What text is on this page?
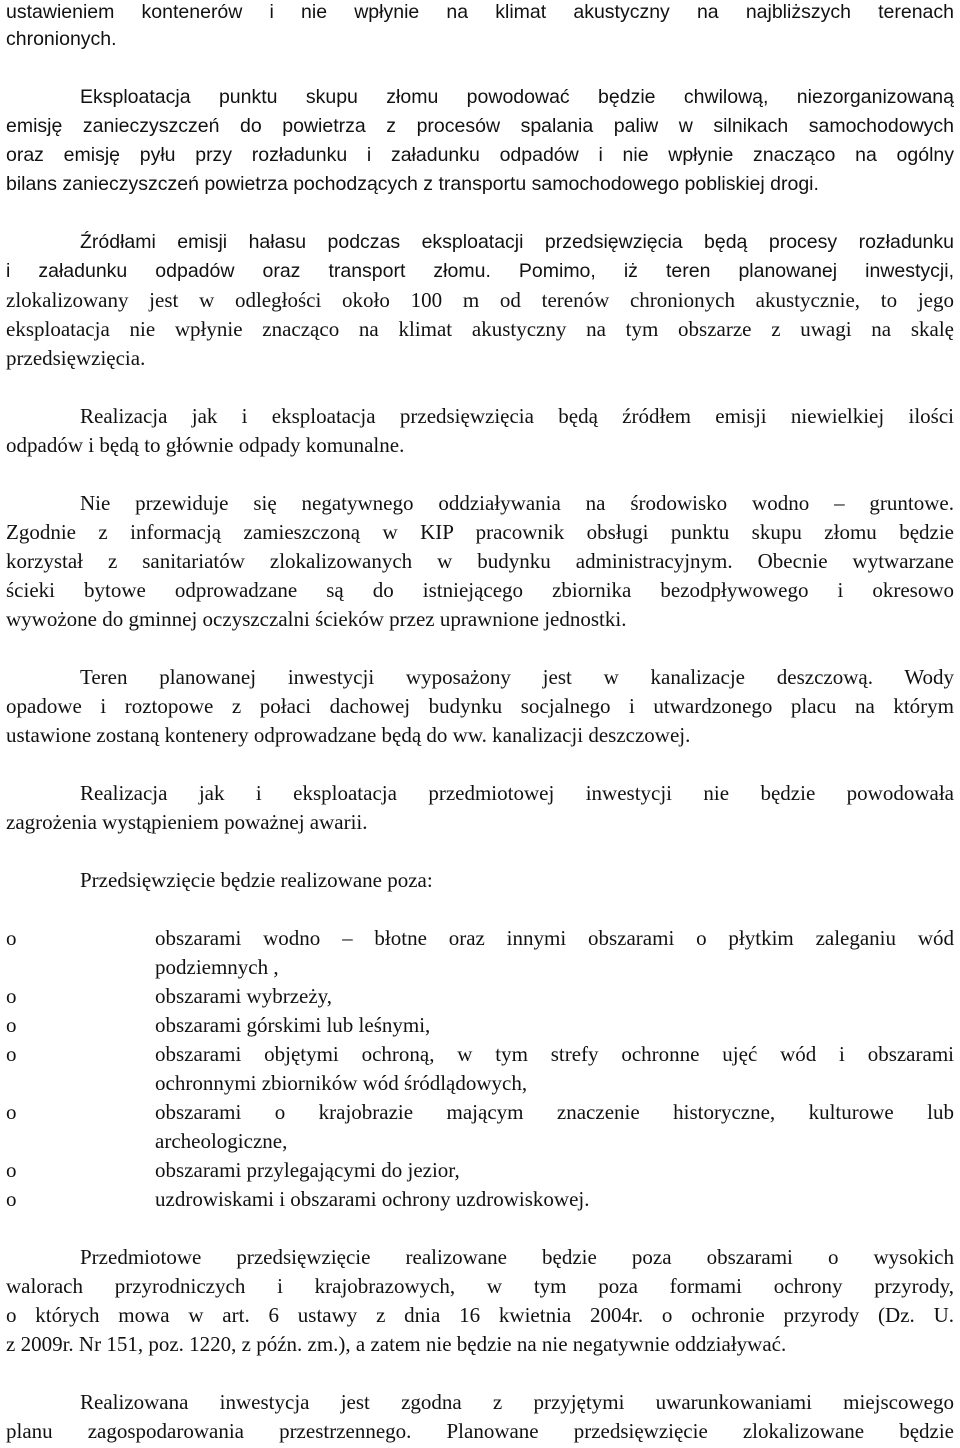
ustawieniem kontenerów i nie wpłynie na klimat akustyczny na najbliższych terenach
chronionych.
Eksploatacja punktu skupu złomu powodować będzie chwilową, niezorganizowaną
emisję zanieczyszczeń do powietrza z procesów spalania paliw w silnikach samochodowych
oraz emisję pyłu przy rozładunku i załadunku odpadów i nie wpłynie znacząco na ogólny
bilans zanieczyszczeń powietrza pochodzących z transportu samochodowego pobliskiej drogi.
Źródłami emisji hałasu podczas eksploatacji przedsięwzięcia będą procesy rozładunku
i załadunku odpadów oraz transport złomu. Pomimo, iż teren planowanej inwestycji,
zlokalizowany jest w odległości około 100 m od terenów chronionych akustycznie, to jego
eksploatacja nie wpłynie znacząco na klimat akustyczny na tym obszarze z uwagi na skalę
przedsięwzięcia.
Realizacja jak i eksploatacja przedsięwzięcia będą źródłem emisji niewielkiej ilości
odpadów i będą to głównie odpady komunalne.
Nie przewiduje się negatywnego oddziaływania na środowisko wodno – gruntowe.
Zgodnie z informacją zamieszczoną w KIP pracownik obsługi punktu skupu złomu będzie
korzystał z sanitariatów zlokalizowanych w budynku administracyjnym. Obecnie wytwarzane
ścieki bytowe odprowadzane są do istniejącego zbiornika bezodpływowego i okresowo
wywożone do gminnej oczyszczalni ścieków przez uprawnione jednostki.
Teren planowanej inwestycji wyposażony jest w kanalizacje deszczową. Wody
opadowe i roztopowe z połaci dachowej budynku socjalnego i utwardzonego placu na którym
ustawione zostaną kontenery odprowadzane będą do ww. kanalizacji deszczowej.
Realizacja jak i eksploatacja przedmiotowej inwestycji nie będzie powodowała
zagrożenia wystąpieniem poważnej awarii.
Przedsięwzięcie będzie realizowane poza:
o	obszarami wodno – błotne oraz innymi obszarami o płytkim zaleganiu wód
podziemnych ,
o	obszarami wybrzeży,
o	obszarami górskimi lub leśnymi,
o	obszarami objętymi ochroną, w tym strefy ochronne ujęć wód i obszarami
ochronnymi zbiorników wód śródlądowych,
o	obszarami o krajobrazie mającym znaczenie historyczne, kulturowe lub
archeologiczne,
o	obszarami przylegającymi do jezior,
o	uzdrowiskami i obszarami ochrony uzdrowiskowej.
Przedmiotowe przedsięwzięcie realizowane będzie poza obszarami o wysokich
walorach przyrodniczych i krajobrazowych, w tym poza formami ochrony przyrody,
o których mowa w art. 6 ustawy z dnia 16 kwietnia 2004r. o ochronie przyrody (Dz. U.
z 2009r. Nr 151, poz. 1220, z późn. zm.), a zatem nie będzie na nie negatywnie oddziaływać.
Realizowana inwestycja jest zgodna z przyjętymi uwarunkowaniami miejscowego
planu zagospodarowania przestrzennego. Planowane przedsięwzięcie zlokalizowane będzie
